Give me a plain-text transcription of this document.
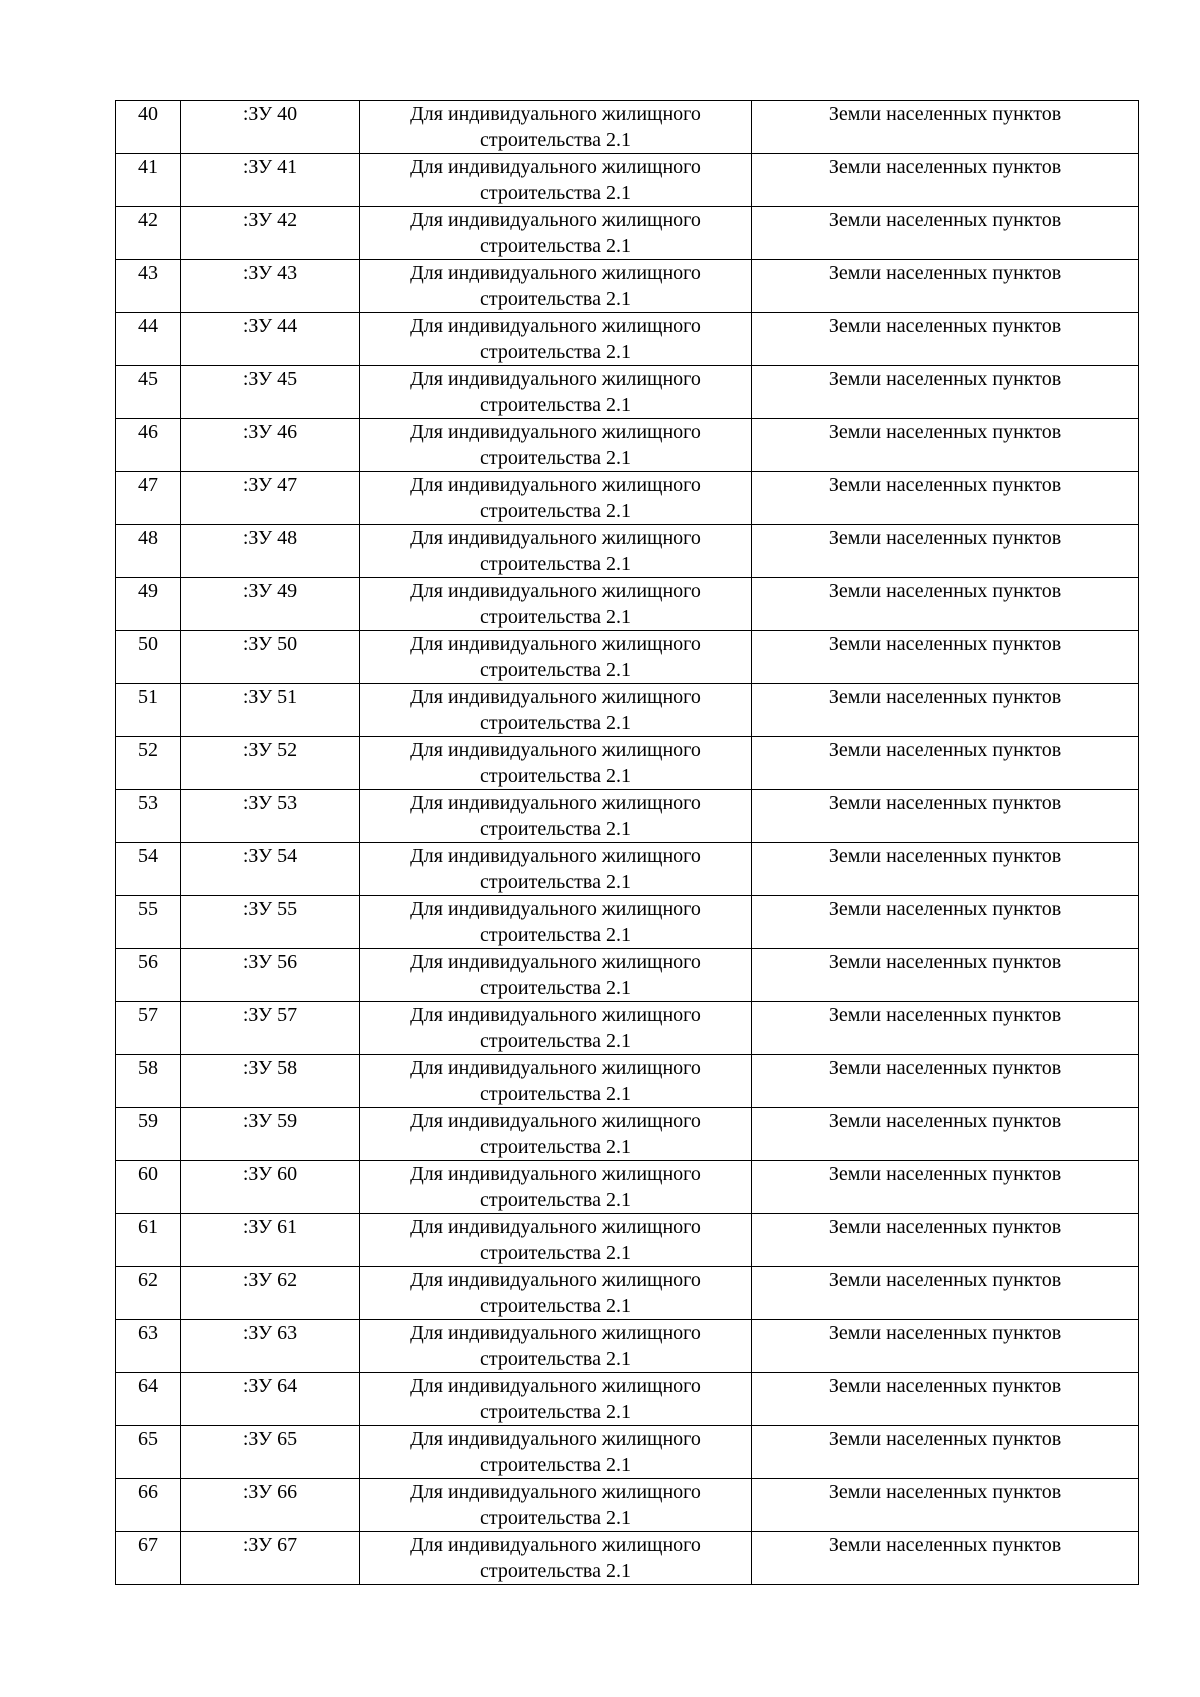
40	:ЗУ 40	Для индивидуального жилищного
строительства 2.1	Земли населенных пунктов

41	:ЗУ 41	Для индивидуального жилищного
строительства 2.1	Земли населенных пунктов

42	:ЗУ 42	Для индивидуального жилищного
строительства 2.1	Земли населенных пунктов

43	:ЗУ 43	Для индивидуального жилищного
строительства 2.1	Земли населенных пунктов

44	:ЗУ 44	Для индивидуального жилищного
строительства 2.1	Земли населенных пунктов

45	:ЗУ 45	Для индивидуального жилищного
строительства 2.1	Земли населенных пунктов

46	:ЗУ 46	Для индивидуального жилищного
строительства 2.1	Земли населенных пунктов

47	:ЗУ 47	Для индивидуального жилищного
строительства 2.1	Земли населенных пунктов

48	:ЗУ 48	Для индивидуального жилищного
строительства 2.1	Земли населенных пунктов

49	:ЗУ 49	Для индивидуального жилищного
строительства 2.1	Земли населенных пунктов

50	:ЗУ 50	Для индивидуального жилищного
строительства 2.1	Земли населенных пунктов

51	:ЗУ 51	Для индивидуального жилищного
строительства 2.1	Земли населенных пунктов

52	:ЗУ 52	Для индивидуального жилищного
строительства 2.1	Земли населенных пунктов

53	:ЗУ 53	Для индивидуального жилищного
строительства 2.1	Земли населенных пунктов

54	:ЗУ 54	Для индивидуального жилищного
строительства 2.1	Земли населенных пунктов

55	:ЗУ 55	Для индивидуального жилищного
строительства 2.1	Земли населенных пунктов

56	:ЗУ 56	Для индивидуального жилищного
строительства 2.1	Земли населенных пунктов

57	:ЗУ 57	Для индивидуального жилищного
строительства 2.1	Земли населенных пунктов

58	:ЗУ 58	Для индивидуального жилищного
строительства 2.1	Земли населенных пунктов

59	:ЗУ 59	Для индивидуального жилищного
строительства 2.1	Земли населенных пунктов

60	:ЗУ 60	Для индивидуального жилищного
строительства 2.1	Земли населенных пунктов

61	:ЗУ 61	Для индивидуального жилищного
строительства 2.1	Земли населенных пунктов

62	:ЗУ 62	Для индивидуального жилищного
строительства 2.1	Земли населенных пунктов

63	:ЗУ 63	Для индивидуального жилищного
строительства 2.1	Земли населенных пунктов

64	:ЗУ 64	Для индивидуального жилищного
строительства 2.1	Земли населенных пунктов

65	:ЗУ 65	Для индивидуального жилищного
строительства 2.1	Земли населенных пунктов

66	:ЗУ 66	Для индивидуального жилищного
строительства 2.1	Земли населенных пунктов

67	:ЗУ 67	Для индивидуального жилищного
строительства 2.1	Земли населенных пунктов
